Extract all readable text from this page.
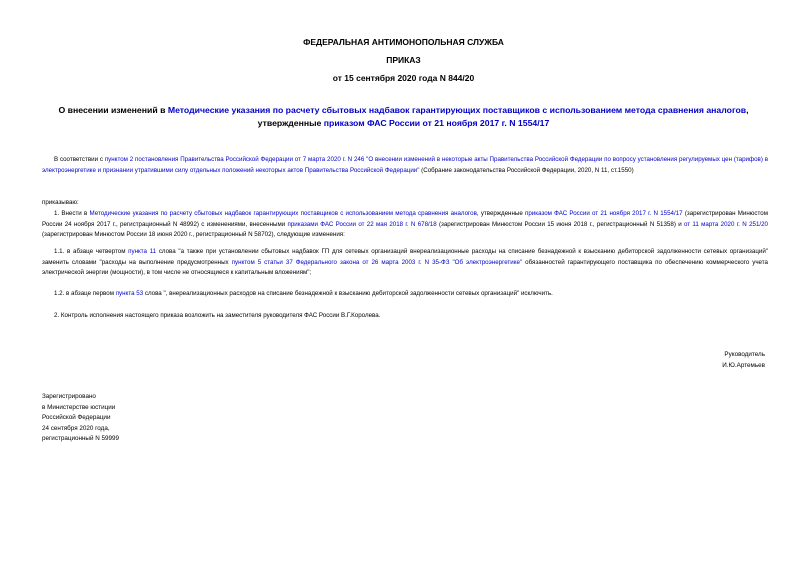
ФЕДЕРАЛЬНАЯ АНТИМОНОПОЛЬНАЯ СЛУЖБА
ПРИКАЗ
от 15 сентября 2020 года N 844/20
О внесении изменений в Методические указания по расчету сбытовых надбавок гарантирующих поставщиков с использованием метода сравнения аналогов,
утвержденные приказом ФАС России от 21 ноября 2017 г. N 1554/17
В соответствии с пунктом 2 постановления Правительства Российской Федерации от 7 марта 2020 г. N 246 "О внесении изменений в некоторые акты Правительства Российской Федерации по вопросу установления регулируемых цен (тарифов) в электроэнергетике и признании утратившими силу отдельных положений некоторых актов Правительства Российской Федерации" (Собрание законодательства Российской Федерации, 2020, N 11, ст.1550)
приказываю:
1. Внести в Методические указания по расчету сбытовых надбавок гарантирующих поставщиков с использованием метода сравнения аналогов, утвержденные приказом ФАС России от 21 ноября 2017 г. N 1554/17 (зарегистрирован Минюстом России 24 ноября 2017 г., регистрационный N 48992) с изменениями, внесенными приказами ФАС России от 22 мая 2018 г. N 678/18 (зарегистрирован Минюстом России 15 июня 2018 г., регистрационный N 51358) и от 11 марта 2020 г. N 251/20 (зарегистрирован Минюстом России 18 июня 2020 г., регистрационный N 58702), следующие изменения:
1.1. в абзаце четвертом пункта 11 слова "а также при установлении сбытовых надбавок ГП для сетевых организаций внереализационные расходы на списание безнадежной к взысканию дебиторской задолженности сетевых организаций" заменить словами "расходы на выполнение предусмотренных пунктом 5 статьи 37 Федерального закона от 26 марта 2003 г. N 35-ФЗ "Об электроэнергетике" обязанностей гарантирующего поставщика по обеспечению коммерческого учета электрической энергии (мощности), в том числе не относящиеся к капитальным вложениям";
1.2. в абзаце первом пункта 53 слова ", внереализационных расходов на списание безнадежной к взысканию дебиторской задолженности сетевых организаций" исключить.
2. Контроль исполнения настоящего приказа возложить на заместителя руководителя ФАС России В.Г.Королева.
Руководитель
И.Ю.Артемьев
Зарегистрировано
в Министерстве юстиции
Российской Федерации
24 сентября 2020 года,
регистрационный N 59999
